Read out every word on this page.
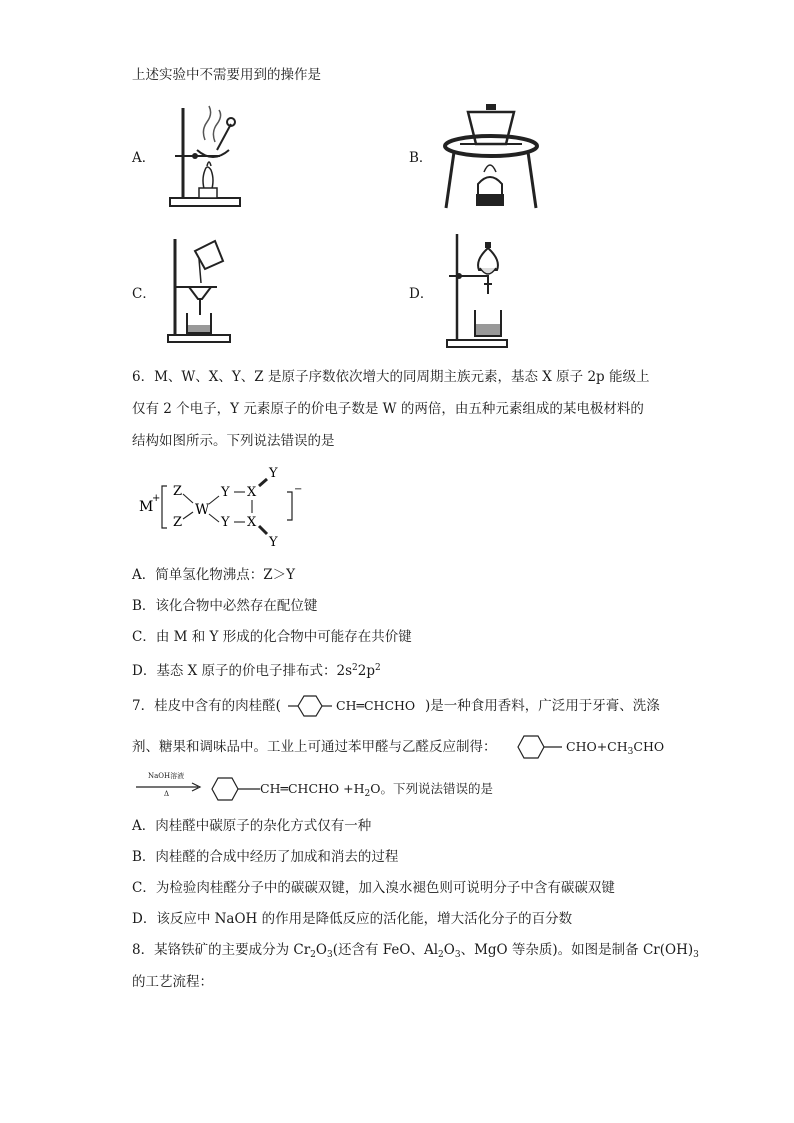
上述实验中不需要用到的操作是
A．	B．
C．	D．
6．M、W、X、Y、Z 是原子序数依次增大的同周期主族元素，基态 X 原子 2p 能级上
仅有 2 个电子，Y 元素原子的价电子数是 W 的两倍，由五种元素组成的某电极材料的
结构如图所示。下列说法错误的是
M
+ Z
Z
W
Y
Y
X
X
Y
Y
−
A．简单氢化物沸点：Z＞Y
B．该化合物中必然存在配位键
C．由 M 和 Y 形成的化合物中可能存在共价键
D．基态 X 原子的价电子排布式：$2s^22p^2$
7．桂皮中含有的肉桂醛(	CH═CHCHO )是一种食用香料，广泛用于牙膏、洗涤
剂、糖果和调味品中。工业上可通过苯甲醛与乙醛反应制得：	$CHO+CH_3CHO$
NaOH溶液
Δ	CH═CHCHO $+H_2O$。下列说法错误的是
A．肉桂醛中碳原子的杂化方式仅有一种
B．肉桂醛的合成中经历了加成和消去的过程
C．为检验肉桂醛分子中的碳碳双键，加入溴水褪色则可说明分子中含有碳碳双键
D．该反应中 NaOH 的作用是降低反应的活化能，增大活化分子的百分数
8．某铬铁矿的主要成分为 $Cr_2O_3$(还含有 FeO、$Al_2O_3$、MgO 等杂质)。如图是制备 $Cr(OH)_3$
的工艺流程：
